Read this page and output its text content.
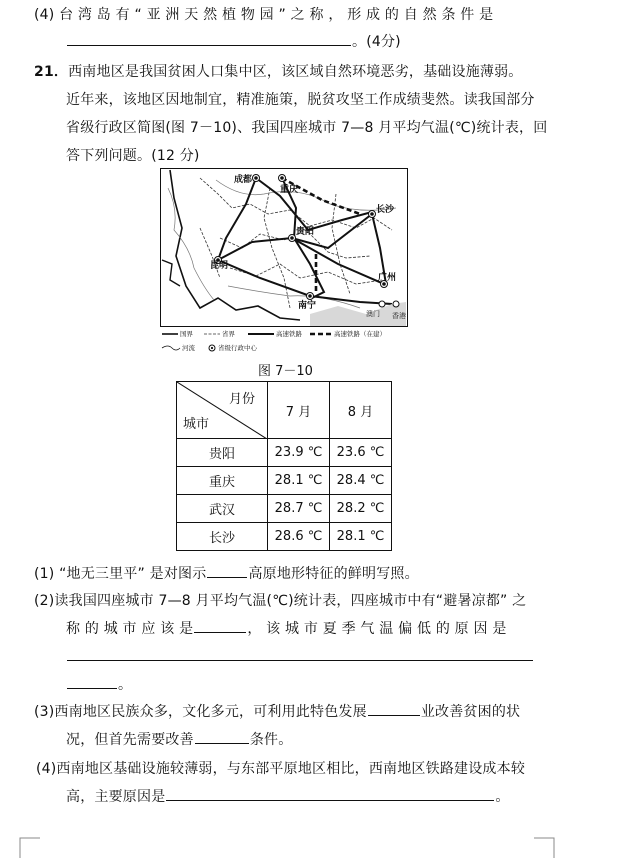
(4) 台 湾 岛 有 “ 亚 洲 天 然 植 物 园 ” 之 称 ， 形 成 的 自 然 条 件 是
。(4分)
21．西南地区是我国贫困人口集中区，该区域自然环境恶劣，基础设施薄弱。
近年来，该地区因地制宜，精准施策，脱贫攻坚工作成绩斐然。读我国部分
省级行政区简图(图 7－10)、我国四座城市 7—8 月平均气温(℃)统计表，回
答下列问题。(12 分)
成都
重庆
长沙
贵阳
昆明
广州
南宁
澳门 香港
国界	省界	高速铁路	高速铁路（在建）
河流	省级行政中心
图 7－10
月份
城市	7 月	8 月
贵阳	23.9 ℃	23.6 ℃
重庆	28.1 ℃	28.4 ℃
武汉	28.7 ℃	28.2 ℃
长沙	28.6 ℃	28.1 ℃
(1) “地无三里平” 是对图示	高原地形特征的鲜明写照。
(2)读我国四座城市 7—8 月平均气温(℃)统计表，四座城市中有“避暑凉都” 之
称 的 城 市 应 该 是	， 该 城 市 夏 季 气 温 偏 低 的 原 因 是
。
(3)西南地区民族众多，文化多元，可利用此特色发展	业改善贫困的状
况，但首先需要改善	条件。
(4)西南地区基础设施较薄弱，与东部平原地区相比，西南地区铁路建设成本较
高，主要原因是	。
